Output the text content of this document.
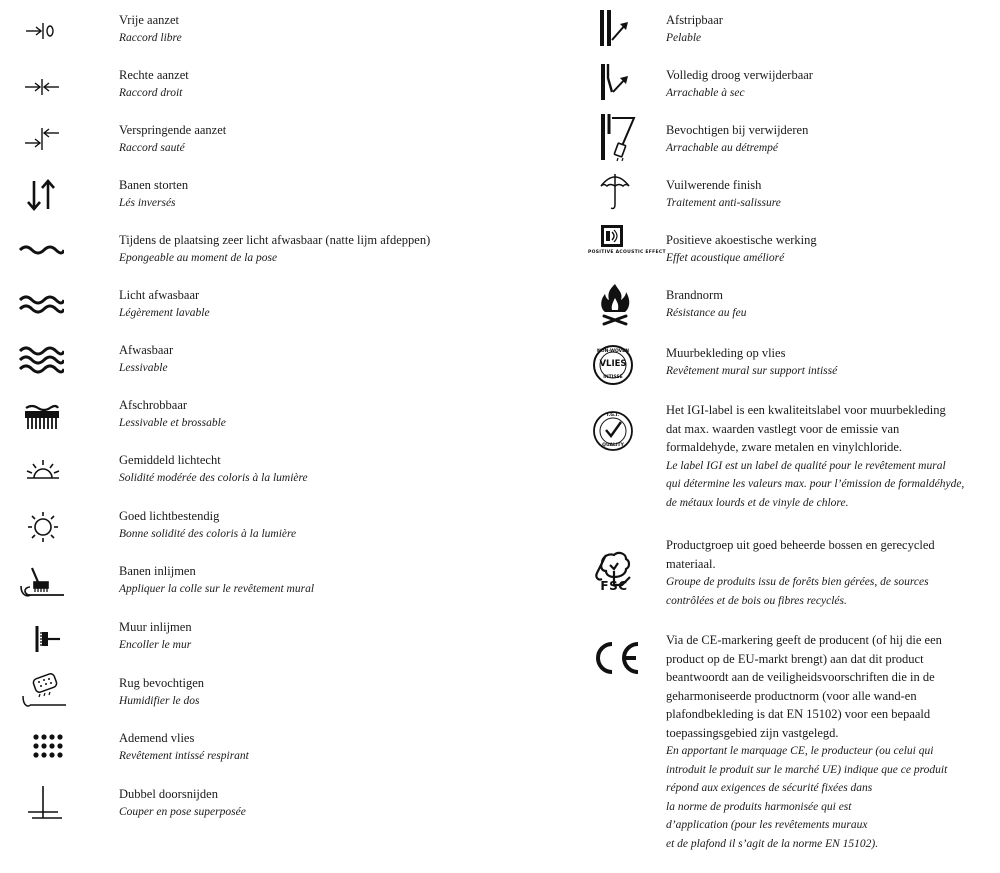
Vrije aanzet
Raccord libre
Rechte aanzet
Raccord droit
Verspringende aanzet
Raccord sauté
Banen storten
Lés inversés
Tijdens de plaatsing zeer licht afwasbaar (natte lijm afdeppen)
Epongeable au moment de la pose
Licht afwasbaar
Légèrement lavable
Afwasbaar
Lessivable
Afschrobbaar
Lessivable et brossable
Gemiddeld lichtecht
Solidité modérée des coloris à la lumière
Goed lichtbestendig
Bonne solidité des coloris à la lumière
Banen inlijmen
Appliquer la colle sur le revêtement mural
Muur inlijmen
Encoller le mur
Rug bevochtigen
Humidifier le dos
Ademend vlies
Revêtement intissé respirant
Dubbel doorsnijden
Couper en pose superposée
Afstripbaar
Pelable
Volledig droog verwijderbaar
Arrachable à sec
Bevochtigen bij verwijderen
Arrachable au détrempé
Vuilwerende finish
Traitement anti-salissure
POSITIVE ACOUSTIC EFFECT
Positieve akoestische werking
Effet acoustique amélioré
Brandnorm
Résistance au feu
NON-WOVEN
VLIES
INTISSÉ
Muurbekleding op vlies
Revêtement mural sur support intissé
I.G.I.
QUALITY

Het IGI-label is een kwaliteitslabel voor muurbekleding

dat max. waarden vastlegt voor de emissie van

formaldehyde, zware metalen en vinylchloride.

Le label IGI est un label de qualité pour le revêtement mural

qui détermine les valeurs max. pour l’émission de formaldéhyde,

de métaux lourds et de vinyle de chlore.

FSC

Productgroep uit goed beheerde bossen en gerecycled

materiaal.

Groupe de produits issu de forêts bien gérées, de sources

contrôlées et de bois ou fibres recyclés.

Via de CE-markering geeft de producent (of hij die een

product op de EU-markt brengt) aan dat dit product

beantwoordt aan de veiligheidsvoorschriften die in de

geharmoniseerde productnorm (voor alle wand-en

plafondbekleding is dat EN 15102) voor een bepaald

toepassingsgebied zijn vastgelegd.

En apportant le marquage CE, le producteur (ou celui qui

introduit le produit sur le marché UE) indique que ce produit

répond aux exigences de sécurité fixées dans

la norme de produits harmonisée qui est

d’application (pour les revêtements muraux

et de plafond il s’agit de la norme EN 15102).
